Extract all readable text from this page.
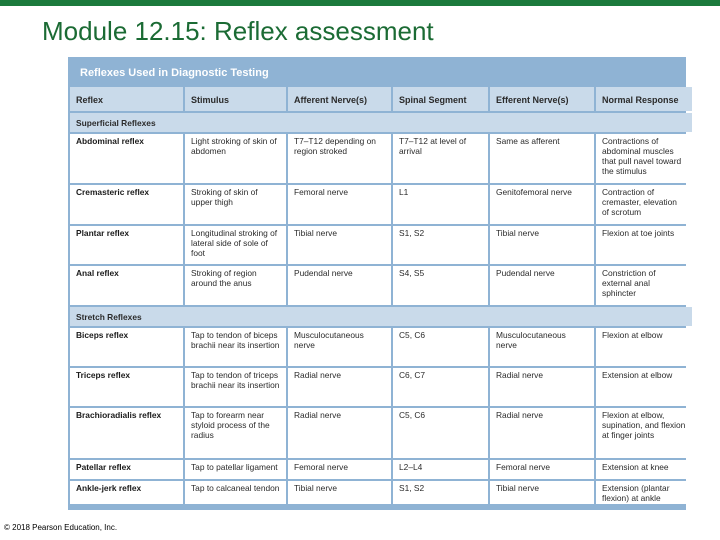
Module 12.15: Reflex assessment
Reflexes Used in Diagnostic Testing
Reflex	Stimulus	Afferent Nerve(s)	Spinal Segment	Efferent Nerve(s)	Normal Response
Superficial Reflexes					
Abdominal reflex	Light stroking of skin of abdomen	T7–T12 depending on region stroked	T7–T12 at level of arrival	Same as afferent	Contractions of abdominal muscles that pull navel toward the stimulus
Cremasteric reflex	Stroking of skin of upper thigh	Femoral nerve	L1	Genitofemoral nerve	Contraction of cremaster, elevation of scrotum
Plantar reflex	Longitudinal stroking of lateral side of sole of foot	Tibial nerve	S1, S2	Tibial nerve	Flexion at toe joints
Anal reflex	Stroking of region around the anus	Pudendal nerve	S4, S5	Pudendal nerve	Constriction of external anal sphincter
Stretch Reflexes					
Biceps reflex	Tap to tendon of biceps brachii near its insertion	Musculocutaneous nerve	C5, C6	Musculocutaneous nerve	Flexion at elbow
Triceps reflex	Tap to tendon of triceps brachii near its insertion	Radial nerve	C6, C7	Radial nerve	Extension at elbow
Brachioradialis reflex	Tap to forearm near styloid process of the radius	Radial nerve	C5, C6	Radial nerve	Flexion at elbow, supination, and flexion at finger joints
Patellar reflex	Tap to patellar ligament	Femoral nerve	L2–L4	Femoral nerve	Extension at knee
Ankle-jerk reflex	Tap to calcaneal tendon	Tibial nerve	S1, S2	Tibial nerve	Extension (plantar flexion) at ankle
© 2018 Pearson Education, Inc.
